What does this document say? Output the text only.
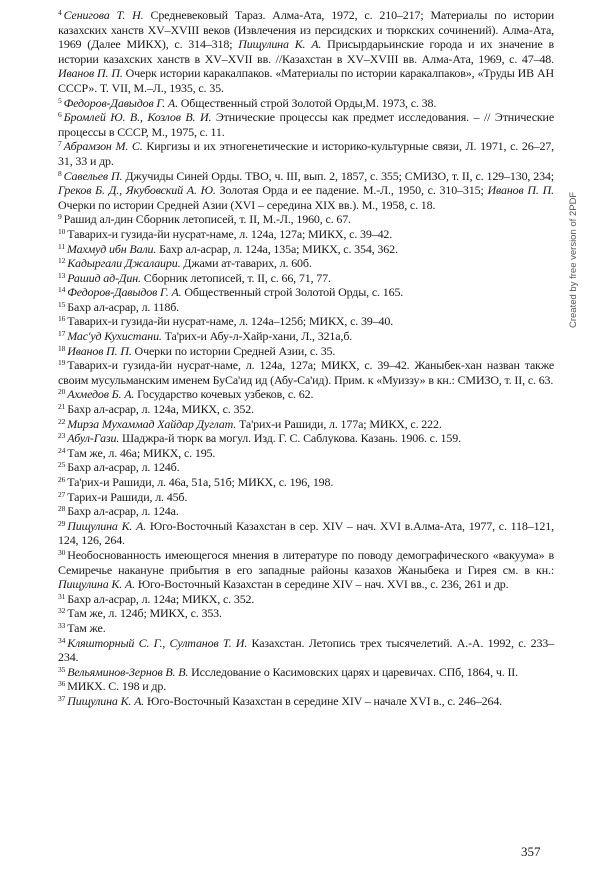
$^4$ Сенигова Т. Н. Средневековый Тараз. Алма-Ата, 1972, с. 210–217; Материалы по истории казахских ханств XV–XVIII веков (Извлечения из персидских и тюркских сочинений). Алма-Ата, 1969 (Далее МИКХ), с. 314–318; Пищулина К. А. Присырдарьинские города и их значение в истории казахских ханств в XV–XVII вв. //Казахстан в XV–XVIII вв. Алма-Ата, 1969, с. 47–48. Иванов П. П. Очерк истории каракалпаков. «Материалы по истории каракалпаков», «Труды ИВ АН СССР». Т. VII, М.–Л., 1935, с. 35.

$^5$ Федоров-Давыдов Г. А. Общественный строй Золотой Орды,М. 1973, с. 38.

$^6$ Бромлей Ю. В., Козлов В. И. Этнические процессы как предмет исследования. – // Этнические процессы в СССР, М., 1975, с. 11.

$^7$ Абрамзон М. С. Киргизы и их этногенетические и историко-культурные связи, Л. 1971, с. 26–27, 31, 33 и др.

$^8$ Савельев П. Джучиды Синей Орды. ТВО, ч. III, вып. 2, 1857, с. 355; СМИЗО, т. II, с. 129–130, 234; Греков Б. Д., Якубовский А. Ю. Золотая Орда и ее падение. М.-Л., 1950, с. 310–315; Иванов П. П. Очерки по истории Средней Азии (XVI – середина XIX вв.). М., 1958, с. 18.

$^9$ Рашид ал-дин Сборник летописей, т. II, М.-Л., 1960, с. 67.

$^{10}$ Таварих-и гузида-йи нусрат-наме, л. 124а, 127а; МИКХ, с. 39–42.

$^{11}$ Махмуд ибн Вали. Бахр ал-асрар, л. 124а, 135а; МИКХ, с. 354, 362.

$^{12}$ Кадыргали Джалаири. Джами ат-таварих, л. 60б.

$^{13}$ Рашид ад-Дин. Сборник летописей, т. II, с. 66, 71, 77.

$^{14}$ Федоров-Давыдов Г. А. Общественный строй Золотой Орды, с. 165.

$^{15}$ Бахр ал-асрар, л. 118б.

$^{16}$ Таварих-и гузида-йи нусрат-наме, л. 124а–125б; МИКХ, с. 39–40.

$^{17}$ Мас'уд Кухистани. Та'рих-и Абу-л-Хайр-хани, Л., 321а,б.

$^{18}$ Иванов П. П. Очерки по истории Средней Азии, с. 35.

$^{19}$ Таварих-и гузида-йи нусрат-наме, л. 124а, 127а; МИКХ, с. 39–42. Жаныбек-хан назван также своим мусульманским именем БуСа'ид ид (Абу-Са'ид). Прим. к «Муиззу» в кн.: СМИЗО, т. II, с. 63.

$^{20}$ Ахмедов Б. А. Государство кочевых узбеков, с. 62.

$^{21}$ Бахр ал-асрар, л. 124а, МИКХ, с. 352.

$^{22}$ Мирза Мухаммад Хайдар Дуглат. Та'рих-и Рашиди, л. 177а; МИКХ, с. 222.

$^{23}$ Абул-Гази. Шаджра-й тюрк ва могул. Изд. Г. С. Саблукова. Казань. 1906. с. 159.

$^{24}$ Там же, л. 46а; МИКХ, с. 195.

$^{25}$ Бахр ал-асрар, л. 124б.

$^{26}$ Та'рих-и Рашиди, л. 46а, 51а, 51б; МИКХ, с. 196, 198.

$^{27}$ Тарих-и Рашиди, л. 45б.

$^{28}$ Бахр ал-асрар, л. 124а.

$^{29}$ Пищулина К. А. Юго-Восточный Казахстан в сер. XIV – нач. XVI в.Алма-Ата, 1977, с. 118–121, 124, 126, 264.

$^{30}$ Необоснованность имеющегося мнения в литературе по поводу демографического «вакуума» в Семиречье накануне прибытия в его западные районы казахов Жаныбека и Гирея см. в кн.: Пищулина К. А. Юго-Восточный Казахстан в середине XIV – нач. XVI вв., с. 236, 261 и др.

$^{31}$ Бахр ал-асрар, л. 124а; МИКХ, с. 352.

$^{32}$ Там же, л. 124б; МИКХ, с. 353.

$^{33}$ Там же.

$^{34}$ Кляшторный С. Г., Султанов Т. И. Казахстан. Летопись трех тысячелетий. А.-А. 1992, с. 233–234.

$^{35}$ Вельяминов-Зернов В. В. Исследование о Касимовских царях и царевичах. СПб, 1864, ч. II.

$^{36}$ МИКХ. С. 198 и др.

$^{37}$ Пищулина К. А. Юго-Восточный Казахстан в середине XIV – начале XVI в., с. 246–264.

357
Created by free version of 2PDF
